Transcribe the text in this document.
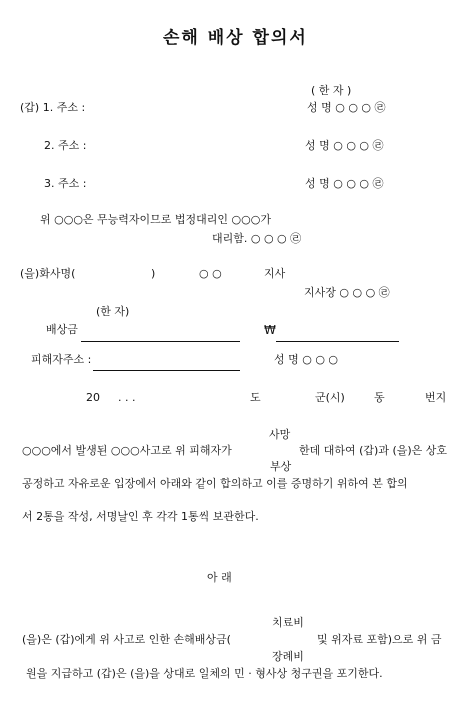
손해 배상 합의서
( 한 자 )
(갑) 1. 주소 :	성 명 ○ ○ ○ ㉣
2. 주소 :	성 명 ○ ○ ○ ㉣
3. 주소 :	성 명 ○ ○ ○ ㉣
위 ○○○은 무능력자이므로 법정대리인 ○○○가
대리함. ○ ○ ○ ㉣
(을)화사명(	)	○ ○	지사
지사장 ○ ○ ○ ㉣
(한 자)
배상금	₩
피해자주소 :	성 명 ○ ○ ○
20 . . .	도	군(시)	동	번지
사망
○○○에서 발생된 ○○○사고로 위 피해자가	한데 대하여 (갑)과 (을)은 상호
부상
공정하고 자유로운 입장에서 아래와 같이 합의하고 이를 증명하기 위하여 본 합의
서 2통을 작성, 서명날인 후 각각 1통씩 보관한다.
아 래
치료비
(을)은 (갑)에게 위 사고로 인한 손해배상금(	및 위자료 포함)으로 위 금
장례비
원을 지급하고 (갑)은 (을)을 상대로 일체의 민 · 형사상 청구권을 포기한다.
